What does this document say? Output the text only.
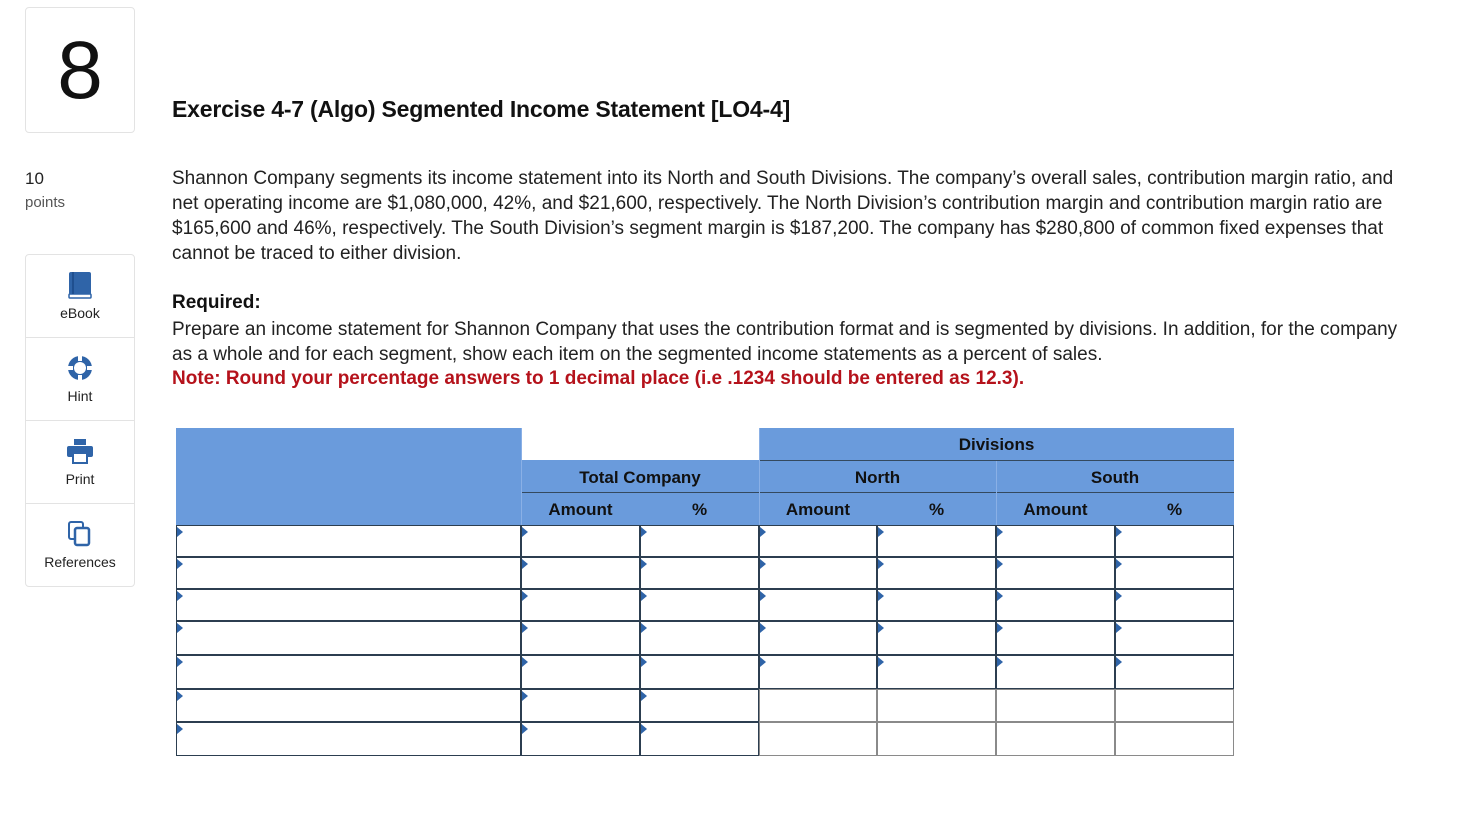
8
10
points
eBook
Hint
Print
References
Exercise 4-7 (Algo) Segmented Income Statement [LO4-4]
Shannon Company segments its income statement into its North and South Divisions. The company’s overall sales, contribution margin ratio, and net operating income are $1,080,000, 42%, and $21,600, respectively. The North Division’s contribution margin and contribution margin ratio are $165,600 and 46%, respectively. The South Division’s segment margin is $187,200. The company has $280,800 of common fixed expenses that cannot be traced to either division.
Required:
Prepare an income statement for Shannon Company that uses the contribution format and is segmented by divisions. In addition, for the company as a whole and for each segment, show each item on the segmented income statements as a percent of sales.
Note: Round your percentage answers to 1 decimal place (i.e .1234 should be entered as 12.3).
Divisions
Total Company	North	South
Amount	%	Amount	%	Amount	%
